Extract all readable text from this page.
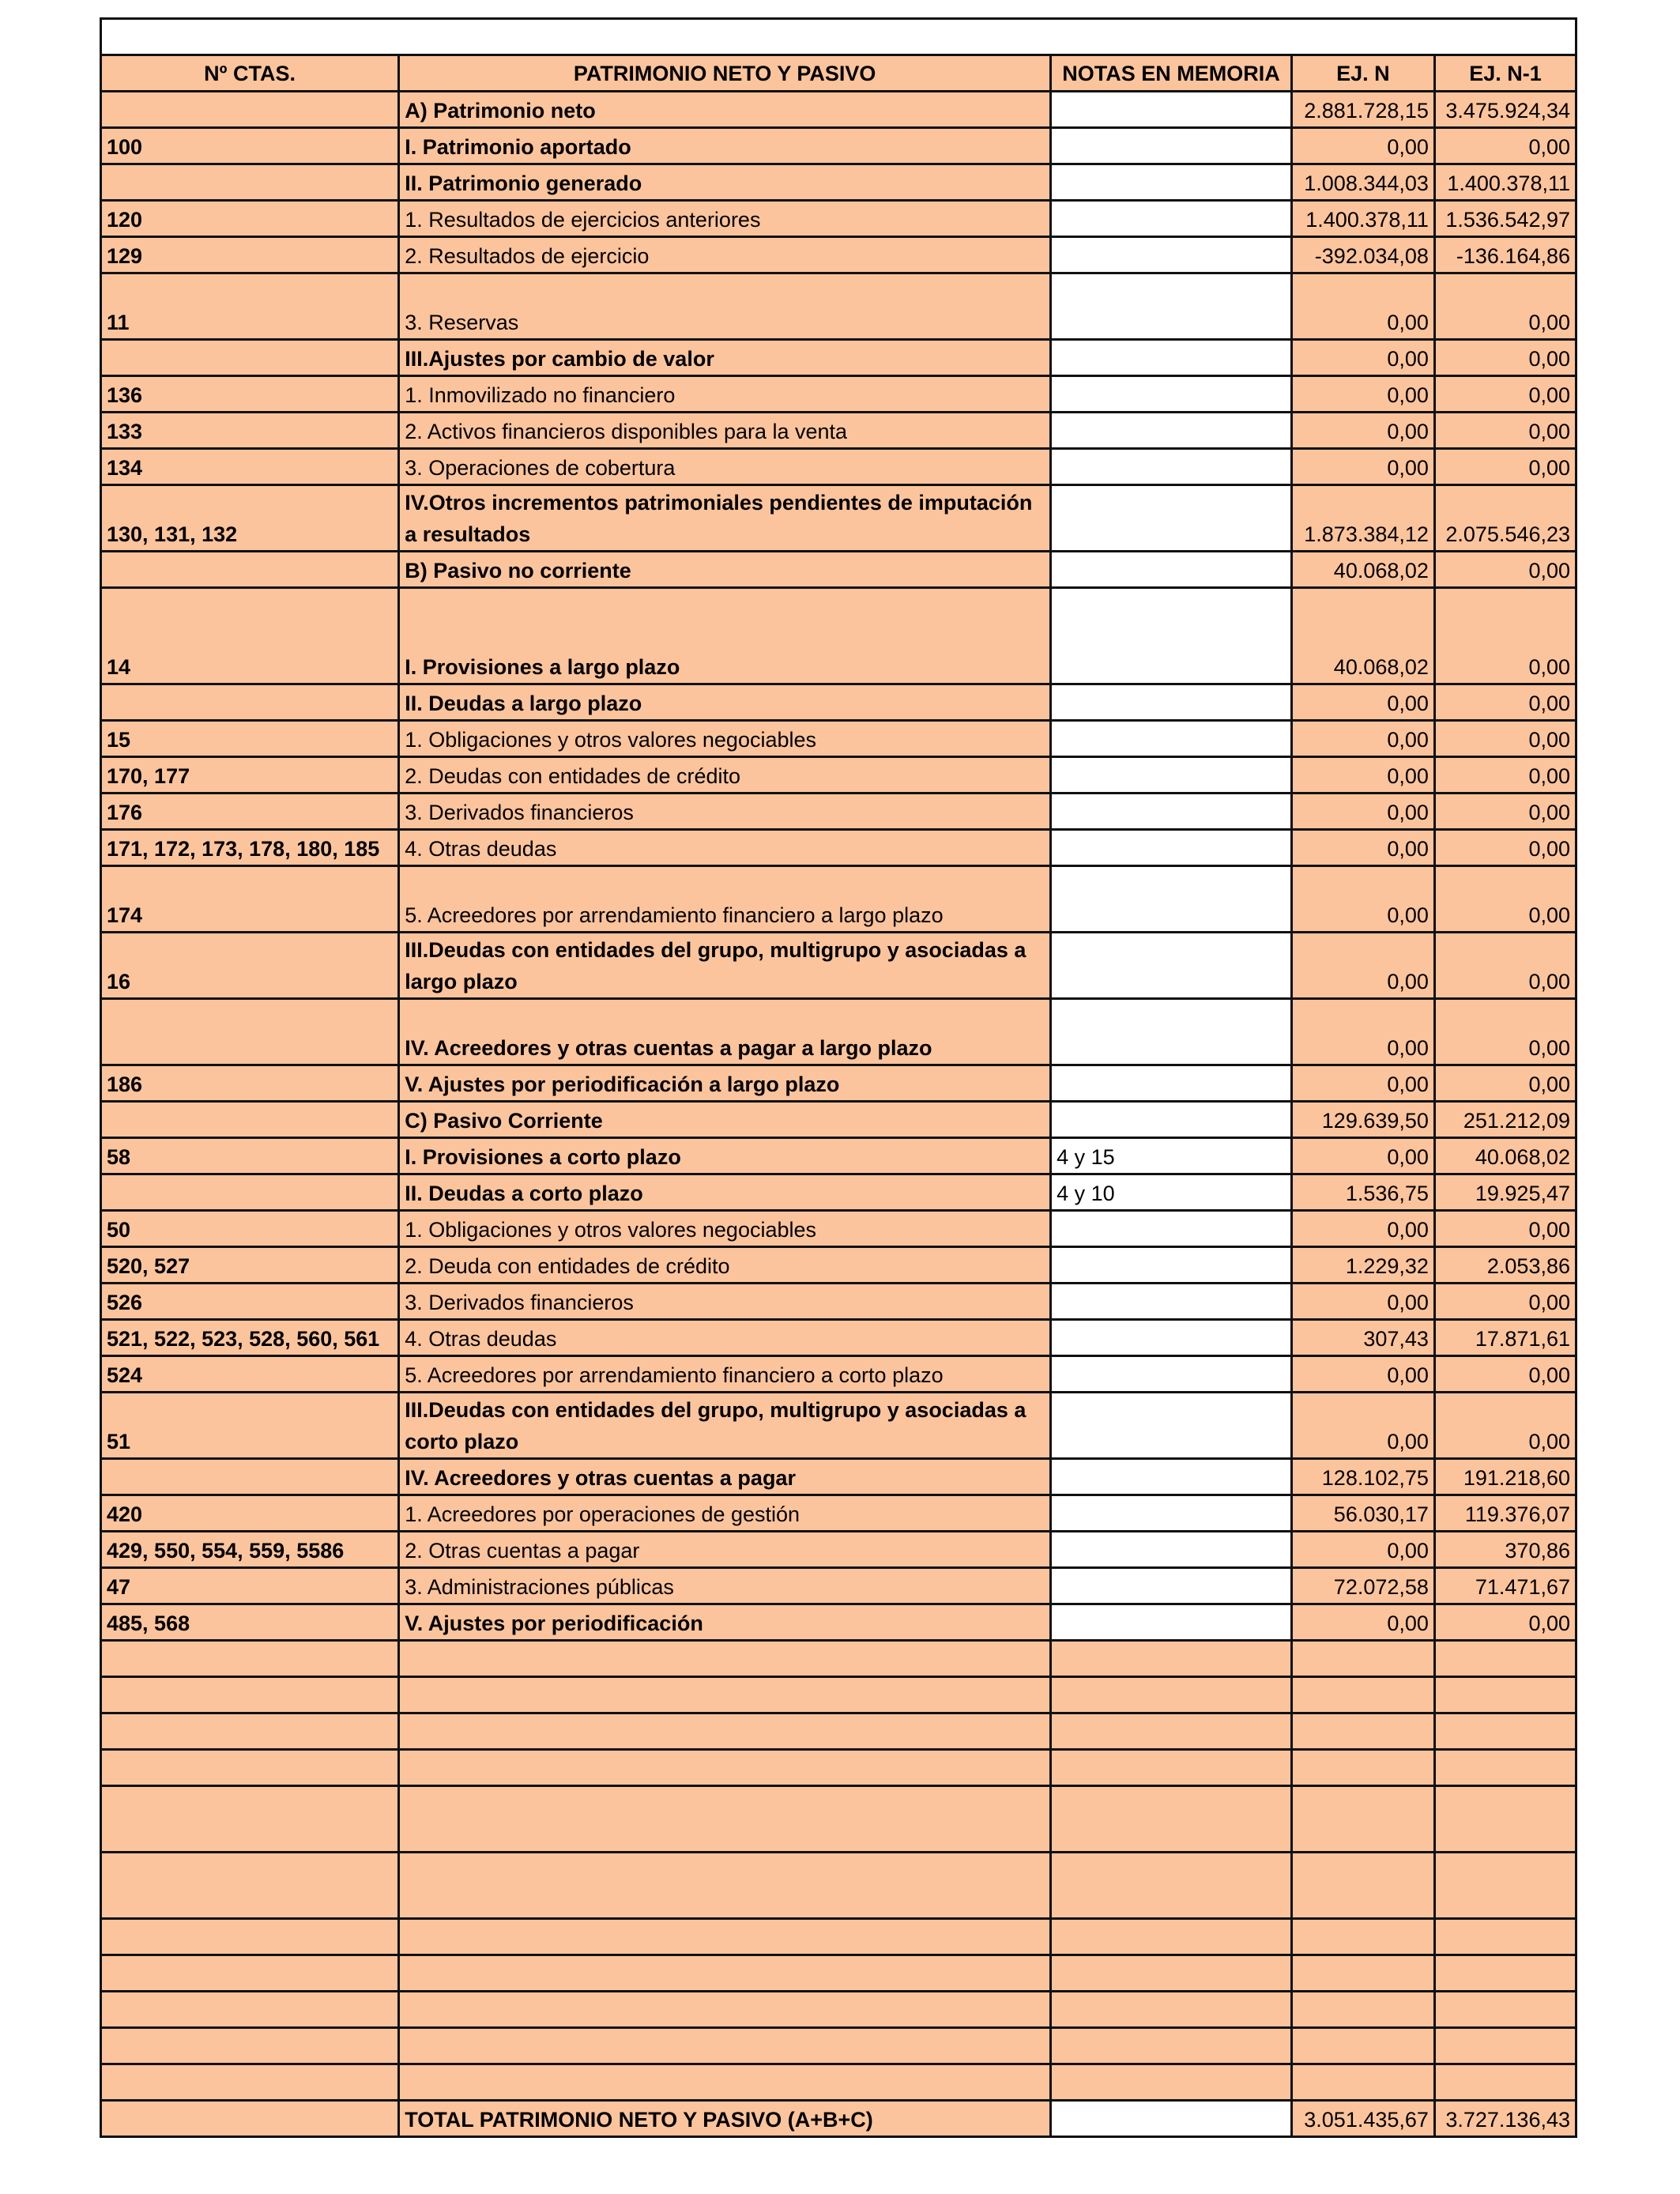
Nº CTAS.	PATRIMONIO NETO Y PASIVO	NOTAS EN MEMORIA	EJ. N	EJ. N-1
	A) Patrimonio neto		2.881.728,15	3.475.924,34
100	I. Patrimonio aportado		0,00	0,00
	II. Patrimonio generado		1.008.344,03	1.400.378,11
120	1. Resultados de ejercicios anteriores		1.400.378,11	1.536.542,97
129	2. Resultados de ejercicio		-392.034,08	-136.164,86
11	3. Reservas		0,00	0,00
	III.Ajustes por cambio de valor		0,00	0,00
136	1. Inmovilizado no financiero		0,00	0,00
133	2. Activos financieros disponibles para la venta		0,00	0,00
134	3. Operaciones de cobertura		0,00	0,00
130, 131, 132	IV.Otros incrementos patrimoniales pendientes de imputación a resultados		1.873.384,12	2.075.546,23
	B) Pasivo no corriente		40.068,02	0,00
14	I. Provisiones a largo plazo		40.068,02	0,00
	II. Deudas a largo plazo		0,00	0,00
15	1. Obligaciones y otros valores negociables		0,00	0,00
170, 177	2. Deudas con entidades de crédito		0,00	0,00
176	3. Derivados financieros		0,00	0,00
171, 172, 173, 178, 180, 185	4. Otras deudas		0,00	0,00
174	5. Acreedores por arrendamiento financiero a largo plazo		0,00	0,00
16	III.Deudas con entidades del grupo, multigrupo y asociadas a largo plazo		0,00	0,00
	IV. Acreedores y otras cuentas a pagar a largo plazo		0,00	0,00
186	V. Ajustes por periodificación a largo plazo		0,00	0,00
	C) Pasivo Corriente		129.639,50	251.212,09
58	I. Provisiones a corto plazo	4 y 15	0,00	40.068,02
	II. Deudas a corto plazo	4 y 10	1.536,75	19.925,47
50	1. Obligaciones y otros valores negociables		0,00	0,00
520, 527	2. Deuda con entidades de crédito		1.229,32	2.053,86
526	3. Derivados financieros		0,00	0,00
521, 522, 523, 528, 560, 561	4. Otras deudas		307,43	17.871,61
524	5. Acreedores por arrendamiento financiero a corto plazo		0,00	0,00
51	III.Deudas con entidades del grupo, multigrupo y asociadas a corto plazo		0,00	0,00
	IV. Acreedores y otras cuentas a pagar		128.102,75	191.218,60
420	1. Acreedores por operaciones de gestión		56.030,17	119.376,07
429, 550, 554, 559, 5586	2. Otras cuentas a pagar		0,00	370,86
47	3. Administraciones públicas		72.072,58	71.471,67
485, 568	V. Ajustes por periodificación		0,00	0,00

	TOTAL PATRIMONIO NETO Y PASIVO (A+B+C)		3.051.435,67	3.727.136,43
